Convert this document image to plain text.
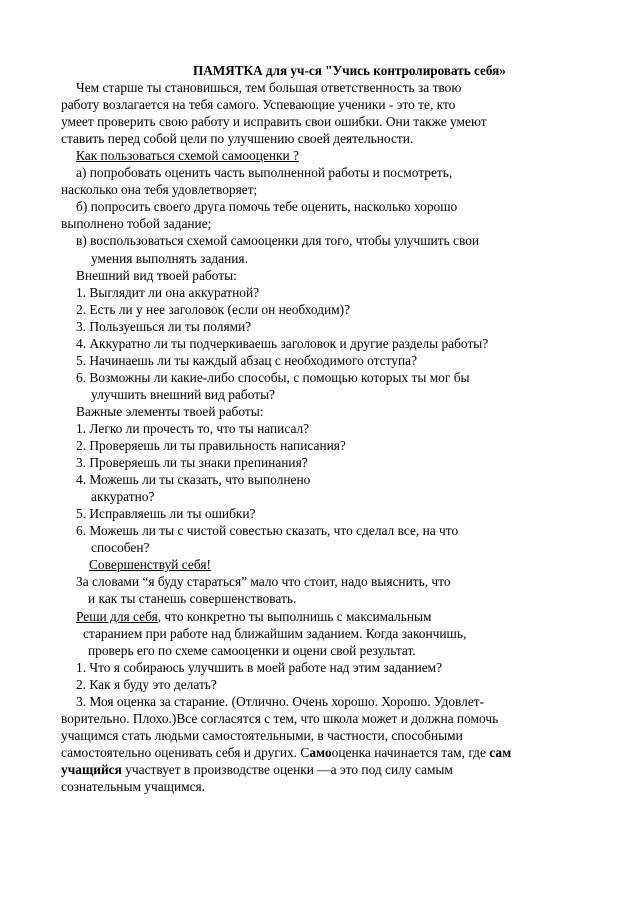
ПАМЯТКА для уч-ся "Учись контролировать себя»
Чем старше ты становишься, тем большая ответственность за твою
работу возлагается на тебя самого. Успевающие ученики - это те, кто
умеет проверить свою работу и исправить свои ошибки. Они также умеют
ставить перед собой цели по улучшению своей деятельности.
Как пользоваться схемой самооценки ?
а) попробовать оценить часть выполненной работы и посмотреть,
насколько она тебя удовлетворяет;
б) попросить своего друга помочь тебе оценить, насколько хорошо
выполнено тобой задание;
в) воспользоваться схемой самооценки для того, чтобы улучшить свои
умения выполнять задания.
Внешний вид твоей работы:
1. Выглядит ли она аккуратной?
2. Есть ли у нее заголовок (если он необходим)?
3. Пользуешься ли ты полями?
4. Аккуратно ли ты подчеркиваешь заголовок и другие разделы работы?
5. Начинаешь ли ты каждый абзац с необходимого отступа?
6. Возможны ли какие-либо способы, с помощью которых ты мог бы
улучшить внешний вид работы?
Важные элементы твоей работы:
1. Легко ли прочесть то, что ты написал?
2. Проверяешь ли ты правильность написания?
3. Проверяешь ли ты знаки препинания?
4. Можешь ли ты сказать, что выполнено
аккуратно?
5. Исправляешь ли ты ошибки?
6. Можешь ли ты с чистой совестью сказать, что сделал все, на что
способен?
Совершенствуй себя!
За словами “я буду стараться” мало что стоит, надо выяснить, что
и как ты станешь совершенствовать.
Реши для себя, что конкретно ты выполнишь с максимальным
старанием при работе над ближайшим заданием. Когда закончишь,
проверь его по схеме самооценки и оцени свой результат.
1. Что я собираюсь улучшить в моей работе над этим заданием?
2. Как я буду это делать?
3. Моя оценка за старание. (Отлично. Очень хорошо. Хорошо. Удовлет-
ворительно. Плохо.)Все согласятся с тем, что школа может и должна помочь
учащимся стать людьми самостоятельными, в частности, способными
самостоятельно оценивать себя и других. Самооценка начинается там, где сам
учащийся участвует в производстве оценки —а это под силу самым
сознательным учащимся.
